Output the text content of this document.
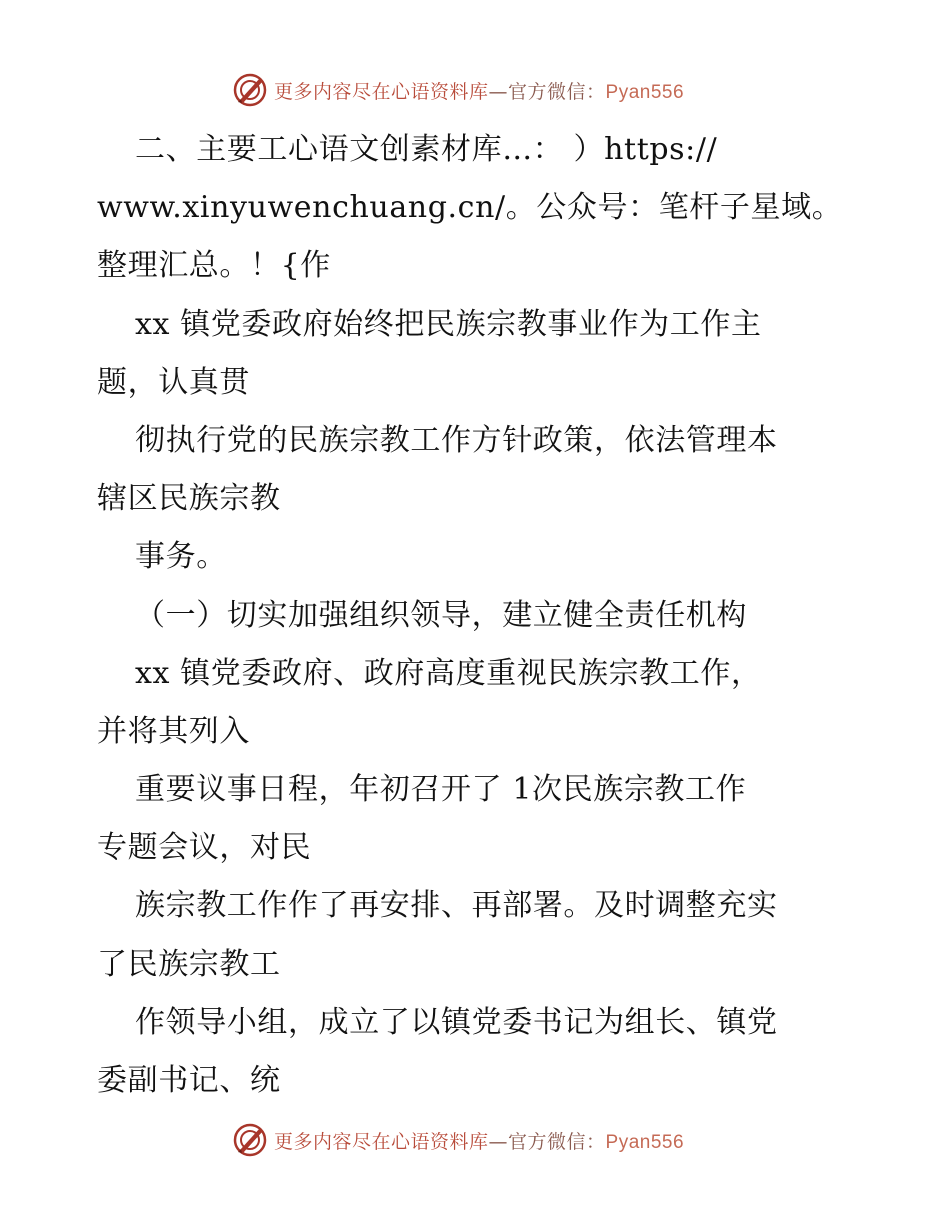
更多内容尽在心语资料库—官方微信：Pyan556
二、主要工心语文创素材库…： ）https://
www.xinyuwenchuang.cn/。公众号：笔杆子星域。
整理汇总。！{作
xx 镇党委政府始终把民族宗教事业作为工作主
题，认真贯
彻执行党的民族宗教工作方针政策，依法管理本
辖区民族宗教
事务。
（一）切实加强组织领导，建立健全责任机构
xx 镇党委政府、政府高度重视民族宗教工作，
并将其列入
重要议事日程，年初召开了 1次民族宗教工作
专题会议，对民
族宗教工作作了再安排、再部署。及时调整充实
了民族宗教工
作领导小组，成立了以镇党委书记为组长、镇党
委副书记、统
更多内容尽在心语资料库—官方微信：Pyan556
